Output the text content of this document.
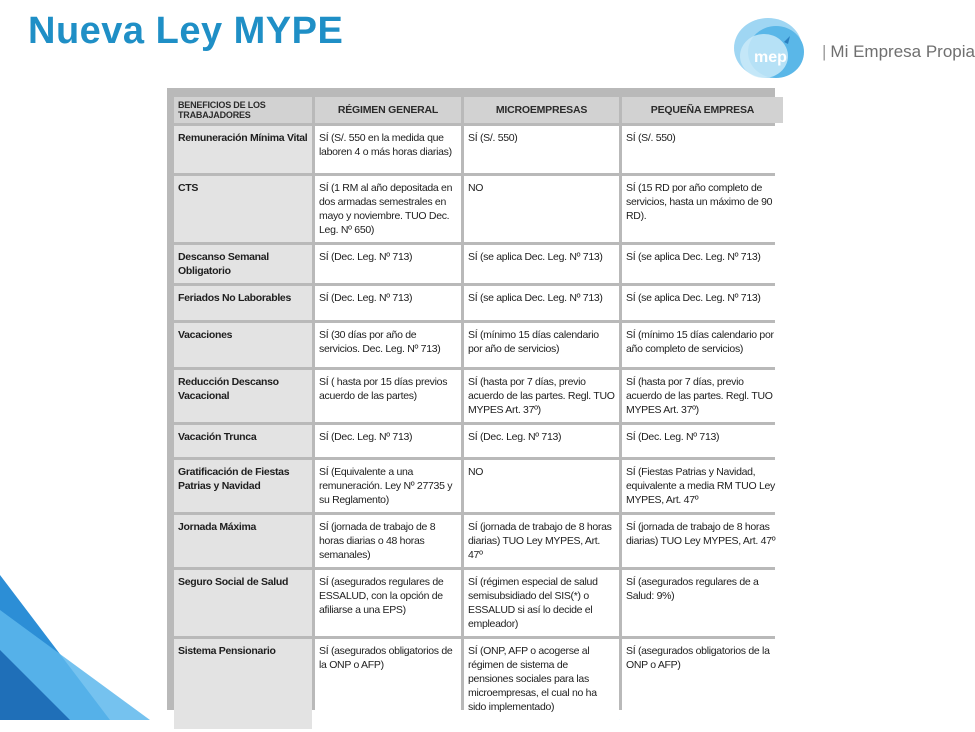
Nueva Ley MYPE
mep | Mi Empresa Propia
BENEFICIOS DE LOS TRABAJADORES	RÉGIMEN GENERAL	MICROEMPRESAS	PEQUEÑA EMPRESA
Remuneración Mínima Vital	SÍ (S/. 550 en la medida que laboren 4 o más horas diarias)	SÍ (S/. 550)	SÍ (S/. 550)
CTS	SÍ (1 RM al año depositada en dos armadas semestrales en mayo y noviembre. TUO Dec. Leg. Nº 650)	NO	SÍ (15 RD por año completo de servicios, hasta un máximo de 90 RD).
Descanso Semanal Obligatorio	SÍ (Dec. Leg. Nº 713)	SÍ (se aplica Dec. Leg. Nº 713)	SÍ (se aplica Dec. Leg. Nº 713)
Feriados No Laborables	SÍ (Dec. Leg. Nº 713)	SÍ (se aplica Dec. Leg. Nº 713)	SÍ (se aplica Dec. Leg. Nº 713)
Vacaciones	SÍ (30 días por año de servicios. Dec. Leg. Nº 713)	SÍ (mínimo 15 días calendario por año de servicios)	SÍ (mínimo 15 días calendario por año completo de servicios)
Reducción Descanso Vacacional	SÍ ( hasta por 15 días previos acuerdo de las partes)	SÍ (hasta por 7 días, previo acuerdo de las partes. Regl. TUO MYPES Art. 37º)	SÍ (hasta por 7 días, previo acuerdo de las partes. Regl. TUO MYPES Art. 37º)
Vacación Trunca	SÍ (Dec. Leg. Nº 713)	SÍ (Dec. Leg. Nº 713)	SÍ (Dec. Leg. Nº 713)
Gratificación de Fiestas Patrias y Navidad	SÍ (Equivalente a una remuneración. Ley Nº 27735 y su Reglamento)	NO	SÍ (Fiestas Patrias y Navidad, equivalente a media RM TUO Ley MYPES, Art. 47º
Jornada Máxima	SÍ (jornada de trabajo de 8 horas diarias o 48 horas semanales)	SÍ (jornada de trabajo de 8 horas diarias) TUO Ley MYPES, Art. 47º	SÍ (jornada de trabajo de 8 horas diarias) TUO Ley MYPES, Art. 47º
Seguro Social de Salud	SÍ (asegurados regulares de ESSALUD, con la opción de afiliarse a una EPS)	SÍ (régimen especial de salud semisubsidiado del SIS(*) o ESSALUD si así lo decide el empleador)	SÍ (asegurados regulares de a Salud: 9%)
Sistema Pensionario	SÍ (asegurados obligatorios de la ONP o AFP)	SÍ (ONP, AFP o acogerse al régimen de sistema de pensiones sociales para las microempresas, el cual no ha sido implementado)	SÍ (asegurados obligatorios de la ONP o AFP)
